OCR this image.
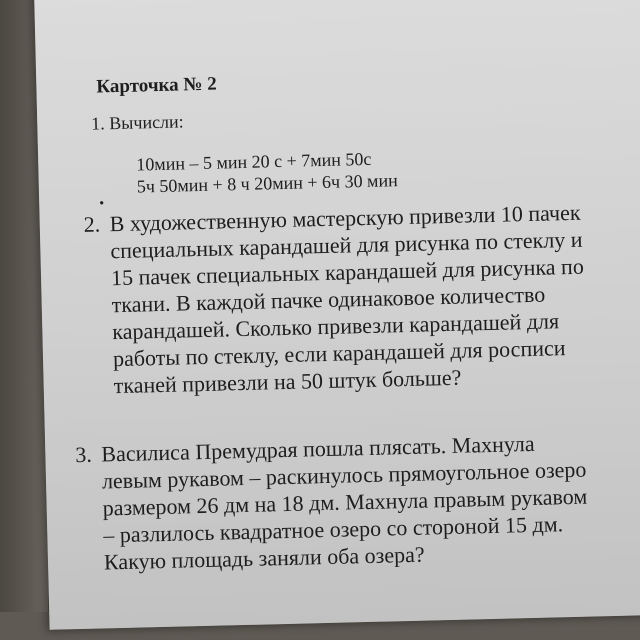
Карточка № 2
1. Вычисли:
10мин – 5 мин 20 с + 7мин 50с
5ч 50мин + 8 ч 20мин + 6ч 30 мин
•
2. В художественную мастерскую привезли 10 пачек
специальных карандашей для рисунка по стеклу и
15 пачек специальных карандашей для рисунка по
ткани. В каждой пачке одинаковое количество
карандашей. Сколько привезли карандашей для
работы по стеклу, если карандашей для росписи
тканей привезли на 50 штук больше?
3. Василиса Премудрая пошла плясать. Махнула
левым рукавом – раскинулось прямоугольное озеро
размером 26 дм на 18 дм. Махнула правым рукавом
– разлилось квадратное озеро со стороной 15 дм.
Какую площадь заняли оба озера?
